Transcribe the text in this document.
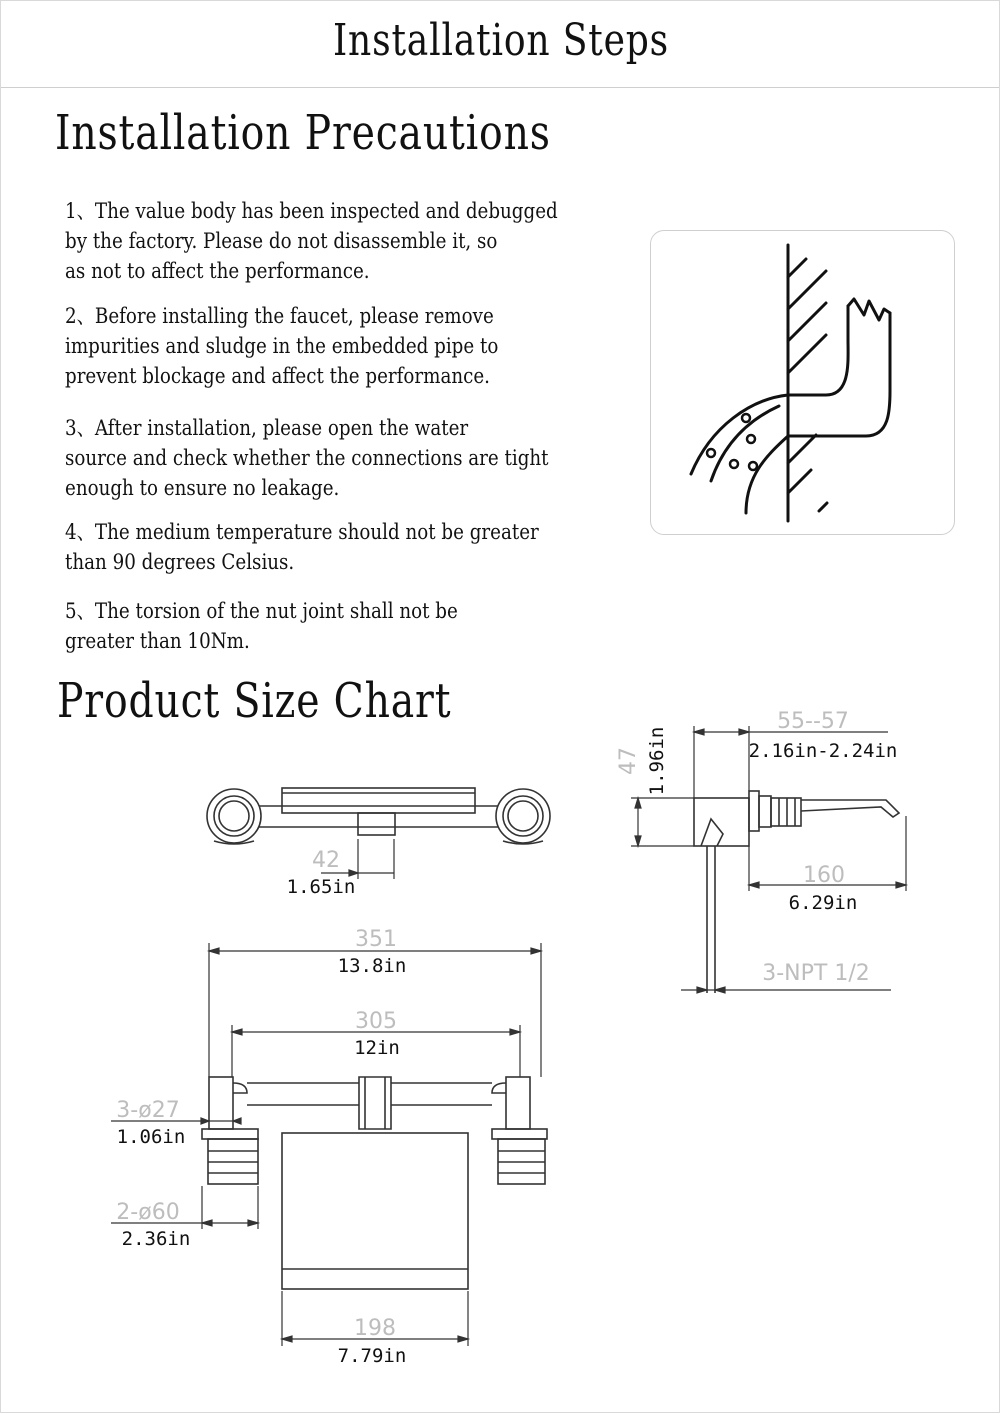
Installation Steps
Installation Precautions
1、The value body has been inspected and debugged
by the factory. Please do not disassemble it, so
as not to affect the performance.
2、Before installing the faucet, please remove
impurities and sludge in the embedded pipe to
prevent blockage and affect the performance.
3、After installation, please open the water
source and check whether the connections are tight
enough to ensure no leakage.
4、The medium temperature should not be greater
than 90 degrees Celsius.
5、The torsion of the nut joint shall not be
greater than 10Nm.
Product Size Chart
42
1.65in
351
13.8in
305
12in
3-ø27
1.06in
2-ø60
2.36in
198
7.79in
47 1.96in
55--57
2.16in-2.24in
160
6.29in
3-NPT 1/2
